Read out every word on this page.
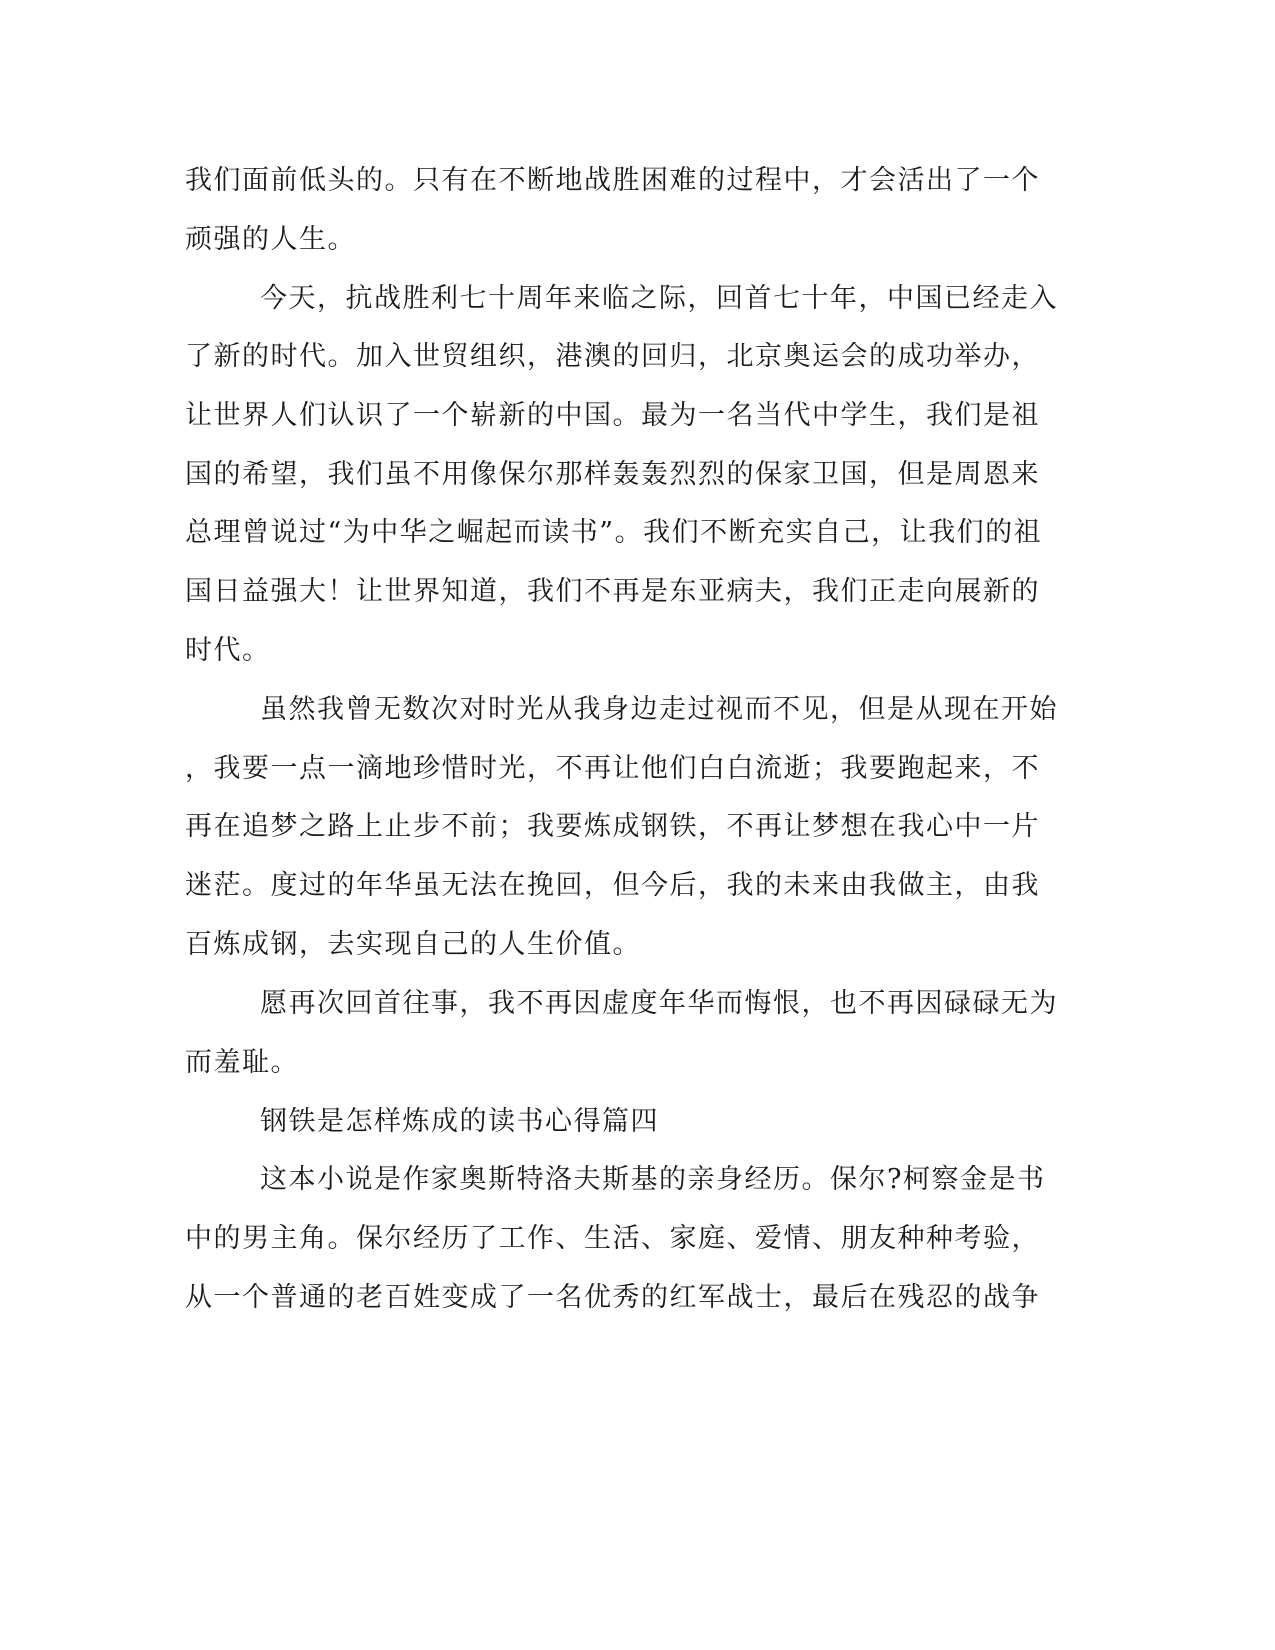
我们面前低头的。只有在不断地战胜困难的过程中，才会活出了一个
顽强的人生。
今天，抗战胜利七十周年来临之际，回首七十年，中国已经走入
了新的时代。加入世贸组织，港澳的回归，北京奥运会的成功举办，
让世界人们认识了一个崭新的中国。最为一名当代中学生，我们是祖
国的希望，我们虽不用像保尔那样轰轰烈烈的保家卫国，但是周恩来
总理曾说过“为中华之崛起而读书”。我们不断充实自己，让我们的祖
国日益强大！让世界知道，我们不再是东亚病夫，我们正走向展新的
时代。
虽然我曾无数次对时光从我身边走过视而不见，但是从现在开始
，我要一点一滴地珍惜时光，不再让他们白白流逝；我要跑起来，不
再在追梦之路上止步不前；我要炼成钢铁，不再让梦想在我心中一片
迷茫。度过的年华虽无法在挽回，但今后，我的未来由我做主，由我
百炼成钢，去实现自己的人生价值。
愿再次回首往事，我不再因虚度年华而悔恨，也不再因碌碌无为
而羞耻。
钢铁是怎样炼成的读书心得篇四
这本小说是作家奥斯特洛夫斯基的亲身经历。保尔?柯察金是书
中的男主角。保尔经历了工作、生活、家庭、爱情、朋友种种考验，
从一个普通的老百姓变成了一名优秀的红军战士，最后在残忍的战争
